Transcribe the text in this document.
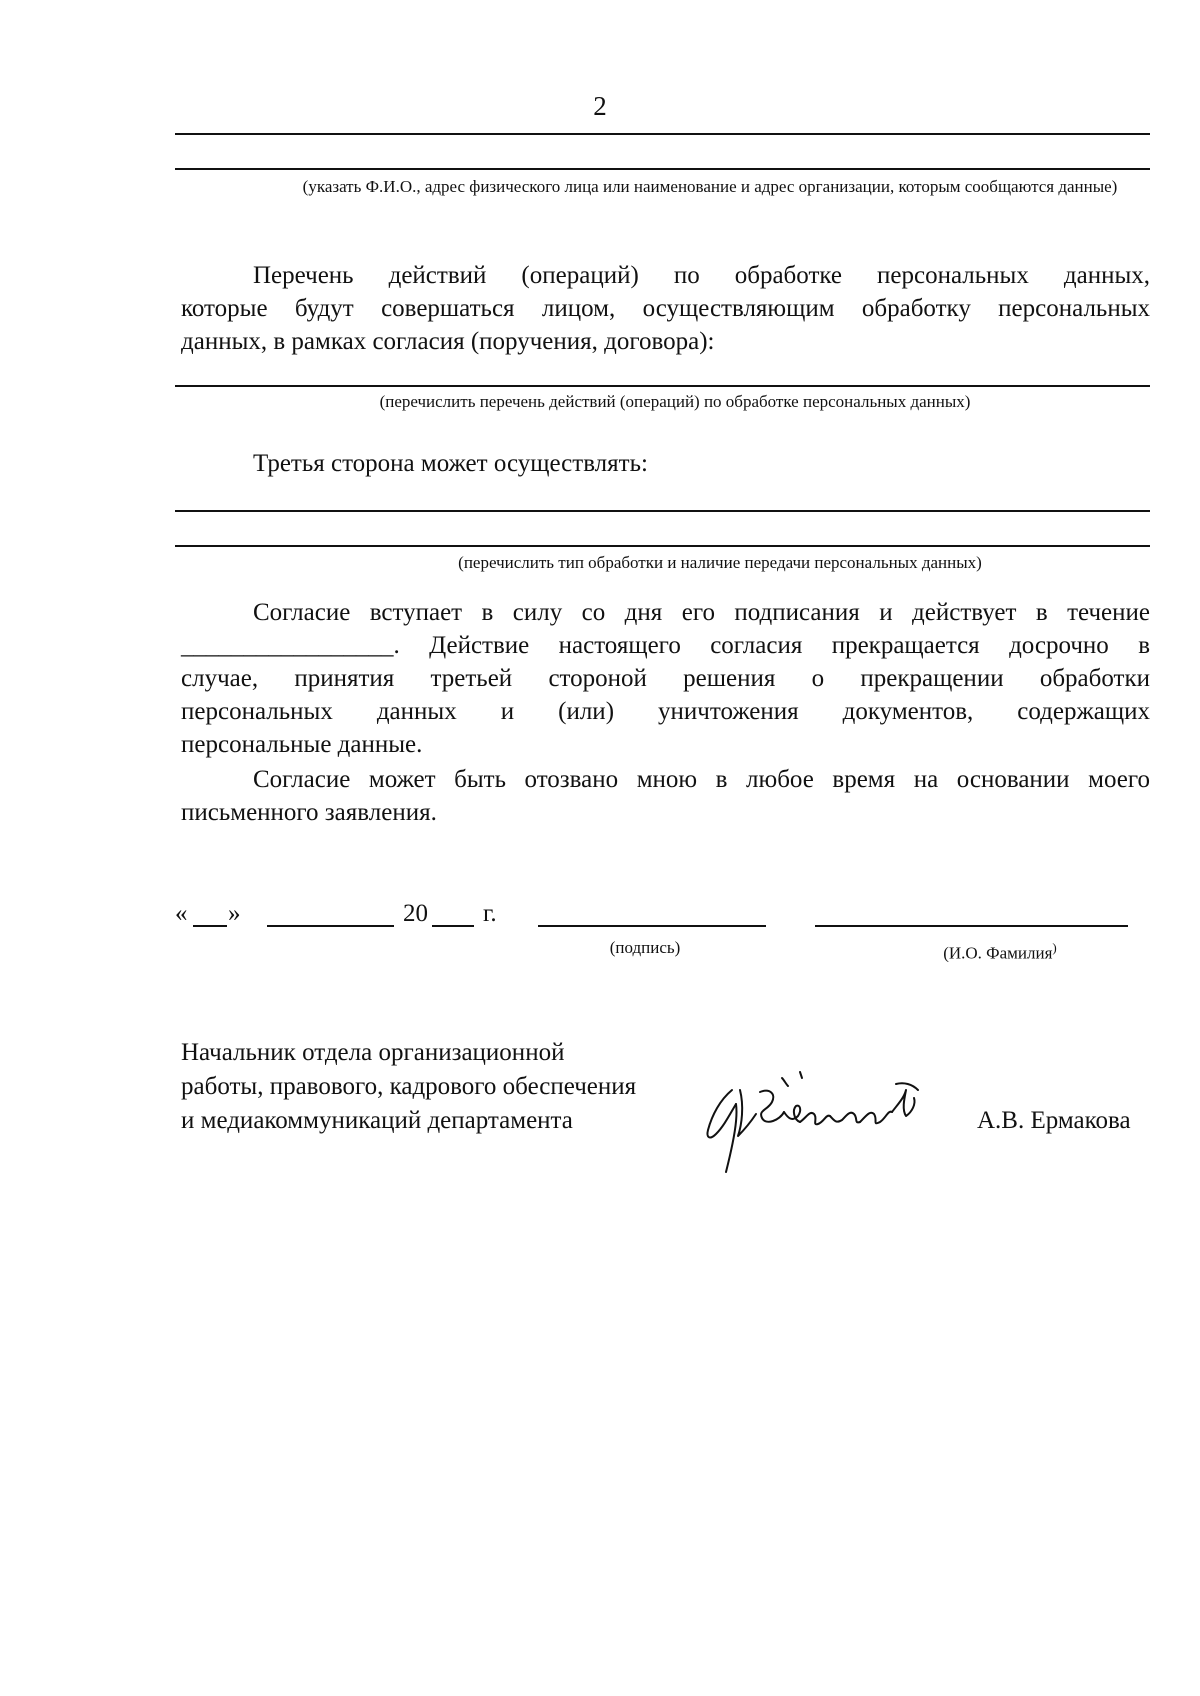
2
(указать Ф.И.О., адрес физического лица или наименование и адрес организации, которым сообщаются данные)
Перечень действий (операций) по обработке персональных данных,
которые будут совершаться лицом, осуществляющим обработку персональных
данных, в рамках согласия (поручения, договора):
(перечислить перечень действий (операций) по обработке персональных данных)
Третья сторона может осуществлять:
(перечислить тип обработки и наличие передачи персональных данных)
Согласие вступает в силу со дня его подписания и действует в течение
_________________. Действие настоящего согласия прекращается досрочно в
случае, принятия третьей стороной решения о прекращении обработки
персональных данных и (или) уничтожения документов, содержащих
персональные данные.
Согласие может быть отозвано мною в любое время на основании моего
письменного заявления.
« »	20 г.
(подпись)	(И.О. Фамилия)
Начальник отдела организационной
работы, правового, кадрового обеспечения
и медиакоммуникаций департамента	А.В. Ермакова
